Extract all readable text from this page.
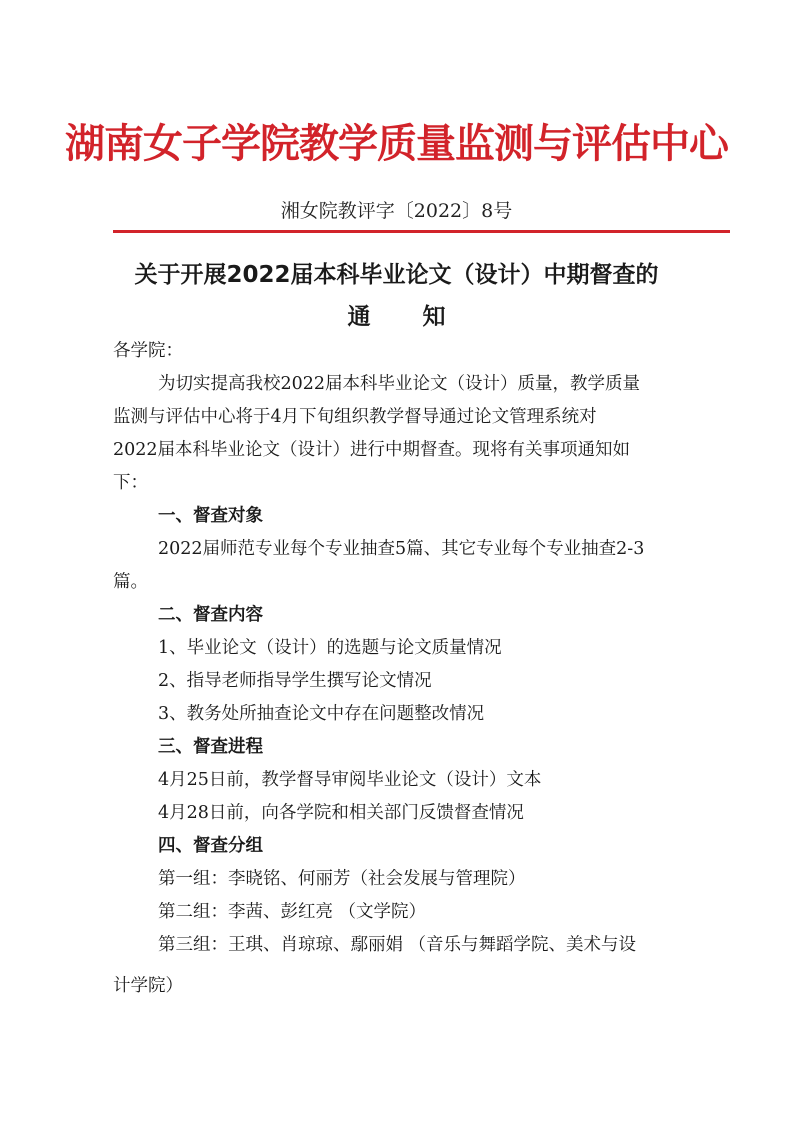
湖南女子学院教学质量监测与评估中心
湘女院教评字〔2022〕8号
关于开展2022届本科毕业论文（设计）中期督查的
通 知
各学院：
为切实提高我校2022届本科毕业论文（设计）质量，教学质量
监测与评估中心将于4月下旬组织教学督导通过论文管理系统对
2022届本科毕业论文（设计）进行中期督查。现将有关事项通知如
下：
一、督查对象
2022届师范专业每个专业抽查5篇、其它专业每个专业抽查2-3
篇。
二、督查内容
1、毕业论文（设计）的选题与论文质量情况
2、指导老师指导学生撰写论文情况
3、教务处所抽查论文中存在问题整改情况
三、督查进程
4月25日前，教学督导审阅毕业论文（设计）文本
4月28日前，向各学院和相关部门反馈督查情况
四、督查分组
第一组：李晓铭、何丽芳（社会发展与管理院）
第二组：李茜、彭红亮 （文学院）
第三组：王琪、肖琼琼、鄢丽娟 （音乐与舞蹈学院、美术与设
计学院）
